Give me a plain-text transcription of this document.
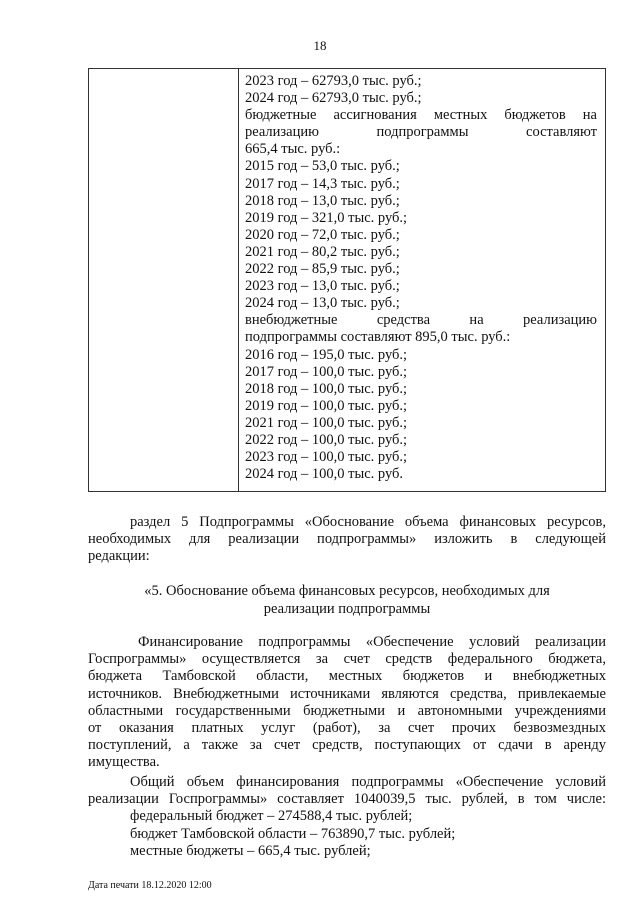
18
2023 год – 62793,0 тыс. руб.;
2024 год – 62793,0 тыс. руб.;
бюджетные ассигнования местных бюджетов на
реализацию подпрограммы составляют
665,4 тыс. руб.:
2015 год – 53,0 тыс. руб.;
2017 год – 14,3 тыс. руб.;
2018 год – 13,0 тыс. руб.;
2019 год – 321,0 тыс. руб.;
2020 год – 72,0 тыс. руб.;
2021 год – 80,2 тыс. руб.;
2022 год – 85,9 тыс. руб.;
2023 год – 13,0 тыс. руб.;
2024 год – 13,0 тыс. руб.;
внебюджетные средства на реализацию
подпрограммы составляют 895,0 тыс. руб.:
2016 год – 195,0 тыс. руб.;
2017 год – 100,0 тыс. руб.;
2018 год – 100,0 тыс. руб.;
2019 год – 100,0 тыс. руб.;
2021 год – 100,0 тыс. руб.;
2022 год – 100,0 тыс. руб.;
2023 год – 100,0 тыс. руб.;
2024 год – 100,0 тыс. руб.
раздел 5 Подпрограммы «Обоснование объема финансовых ресурсов,
необходимых для реализации подпрограммы» изложить в следующей
редакции:
«5. Обоснование объема финансовых ресурсов, необходимых для
реализации подпрограммы
Финансирование подпрограммы «Обеспечение условий реализации
Госпрограммы» осуществляется за счет средств федерального бюджета,
бюджета Тамбовской области, местных бюджетов и внебюджетных
источников. Внебюджетными источниками являются средства, привлекаемые
областными государственными бюджетными и автономными учреждениями
от оказания платных услуг (работ), за счет прочих безвозмездных
поступлений, а также за счет средств, поступающих от сдачи в аренду
имущества.
Общий объем финансирования подпрограммы «Обеспечение условий
реализации Госпрограммы» составляет 1040039,5 тыс. рублей, в том числе:
федеральный бюджет – 274588,4 тыс. рублей;
бюджет Тамбовской области – 763890,7 тыс. рублей;
местные бюджеты – 665,4 тыс. рублей;
Дата печати 18.12.2020 12:00
